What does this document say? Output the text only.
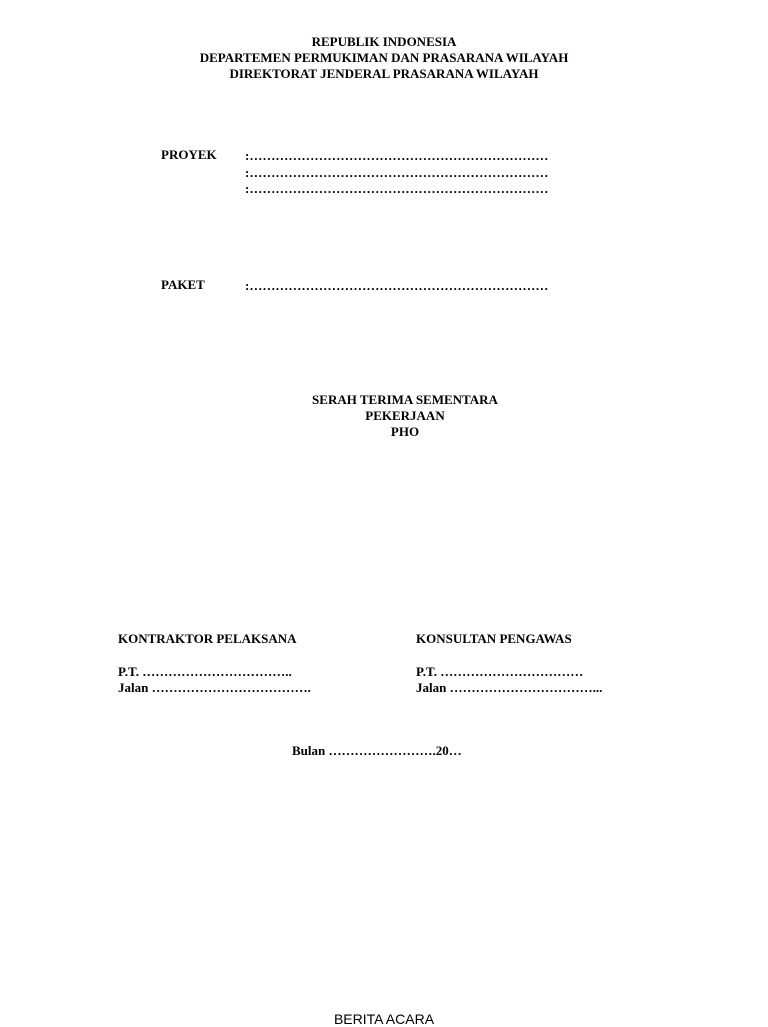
REPUBLIK INDONESIA
DEPARTEMEN PERMUKIMAN DAN PRASARANA WILAYAH
DIREKTORAT JENDERAL PRASARANA WILAYAH
PROYEK :……………………………………………………………
:……………………………………………………………
:……………………………………………………………
PAKET	:……………………………………………………………
SERAH TERIMA SEMENTARA
PEKERJAAN
PHO
KONTRAKTOR PELAKSANA
P.T. ……………………………..
Jalan ……………………………….
KONSULTAN PENGAWAS
P.T. ……………………………
Jalan ……………………………...
Bulan …………………….20…
BERITA ACARA
